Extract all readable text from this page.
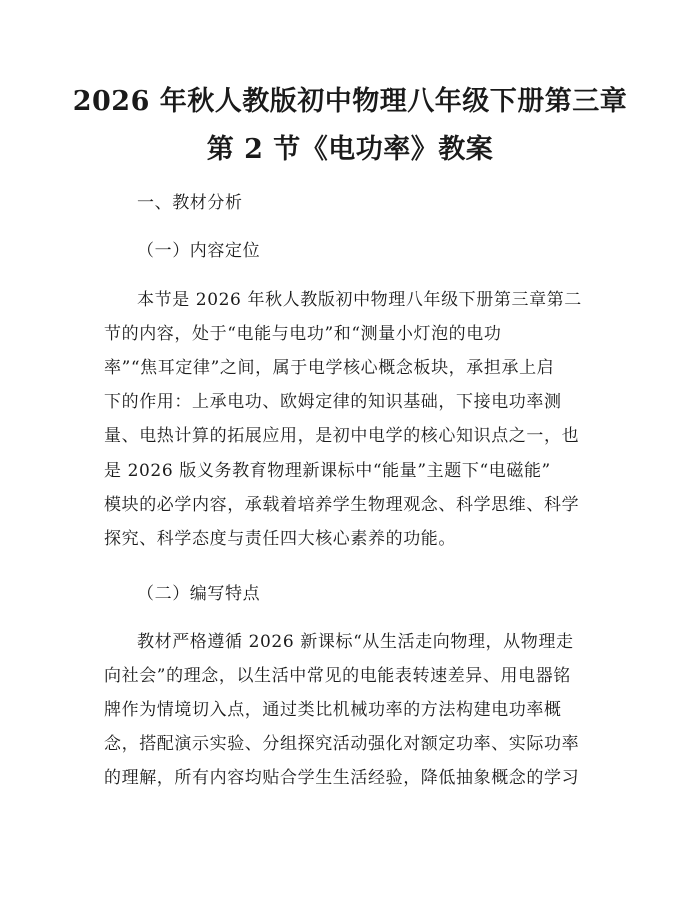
2026 年秋人教版初中物理八年级下册第三章
第 2 节《电功率》教案
一、教材分析
（一）内容定位
本节是 2026 年秋人教版初中物理八年级下册第三章第二
节的内容，处于“电能与电功”和“测量小灯泡的电功
率”“焦耳定律”之间，属于电学核心概念板块，承担承上启
下的作用：上承电功、欧姆定律的知识基础，下接电功率测
量、电热计算的拓展应用，是初中电学的核心知识点之一，也
是 2026 版义务教育物理新课标中“能量”主题下“电磁能”
模块的必学内容，承载着培养学生物理观念、科学思维、科学
探究、科学态度与责任四大核心素养的功能。
（二）编写特点
教材严格遵循 2026 新课标“从生活走向物理，从物理走
向社会”的理念，以生活中常见的电能表转速差异、用电器铭
牌作为情境切入点，通过类比机械功率的方法构建电功率概
念，搭配演示实验、分组探究活动强化对额定功率、实际功率
的理解，所有内容均贴合学生生活经验，降低抽象概念的学习
